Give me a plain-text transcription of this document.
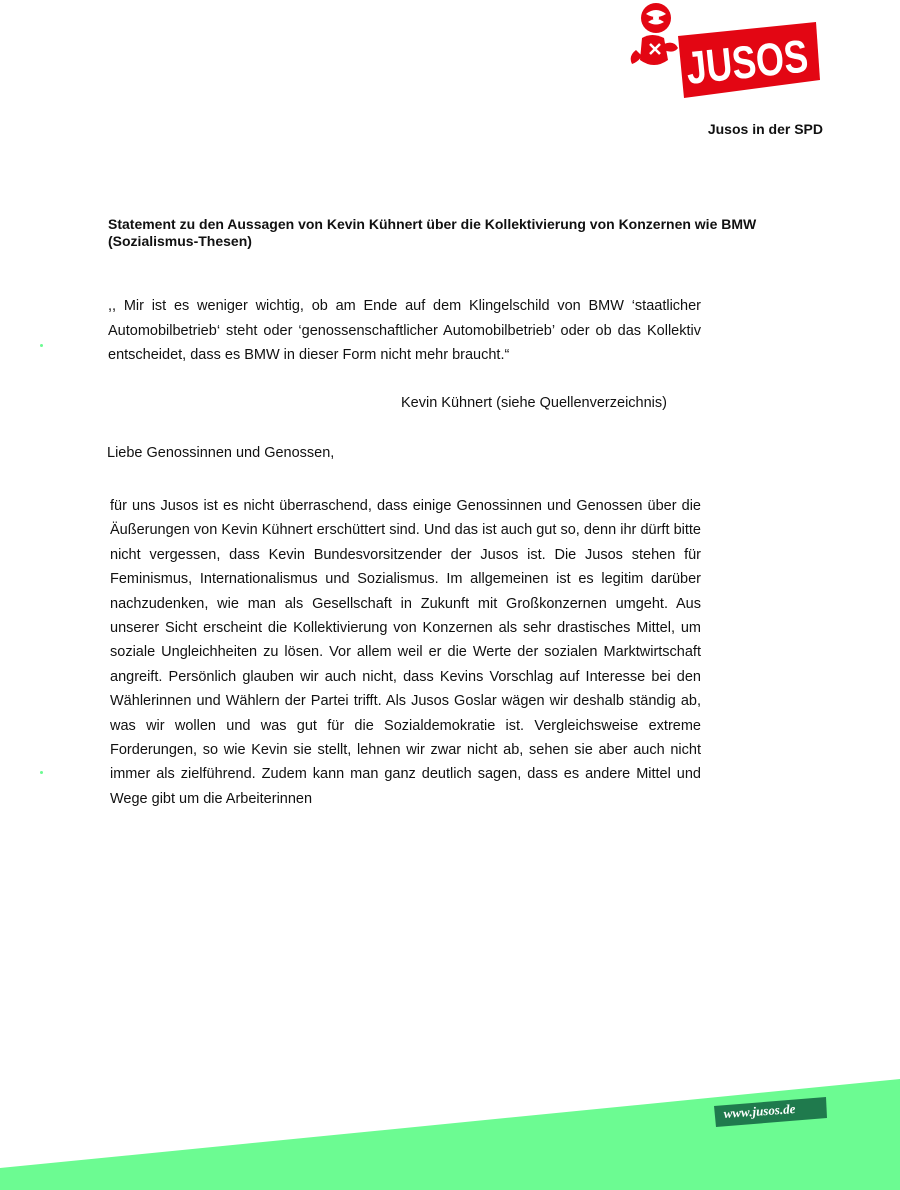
JUSOS
Jusos in der SPD
Statement zu den Aussagen von Kevin Kühnert über die Kollektivierung von Konzernen wie BMW (Sozialismus-Thesen)
,, Mir ist es weniger wichtig, ob am Ende auf dem Klingelschild von BMW ‘staatlicher Automobilbetrieb‘ steht oder ‘genossenschaftlicher Automobilbetrieb’ oder ob das Kollektiv entscheidet, dass es BMW in dieser Form nicht mehr braucht.“
Kevin Kühnert (siehe Quellenverzeichnis)
Liebe Genossinnen und Genossen,
für uns Jusos ist es nicht überraschend, dass einige Genossinnen und Genossen über die Äußerungen von Kevin Kühnert erschüttert sind. Und das ist auch gut so, denn ihr dürft bitte nicht vergessen, dass Kevin Bundesvorsitzender der Jusos ist. Die Jusos stehen für Feminismus, Internationalismus und Sozialismus. Im allgemeinen ist es legitim darüber nachzudenken, wie man als Gesellschaft in Zukunft mit Großkonzernen umgeht. Aus unserer Sicht erscheint die Kollektivierung von Konzernen als sehr drastisches Mittel, um soziale Ungleichheiten zu lösen. Vor allem weil er die Werte der sozialen Marktwirtschaft angreift. Persönlich glauben wir auch nicht, dass Kevins Vorschlag auf Interesse bei den Wählerinnen und Wählern der Partei trifft. Als Jusos Goslar wägen wir deshalb ständig ab, was wir wollen und was gut für die Sozialdemokratie ist. Vergleichsweise extreme Forderungen, so wie Kevin sie stellt, lehnen wir zwar nicht ab, sehen sie aber auch nicht immer als zielführend. Zudem kann man ganz deutlich sagen, dass es andere Mittel und Wege gibt um die Arbeiterinnen
www.jusos.de
